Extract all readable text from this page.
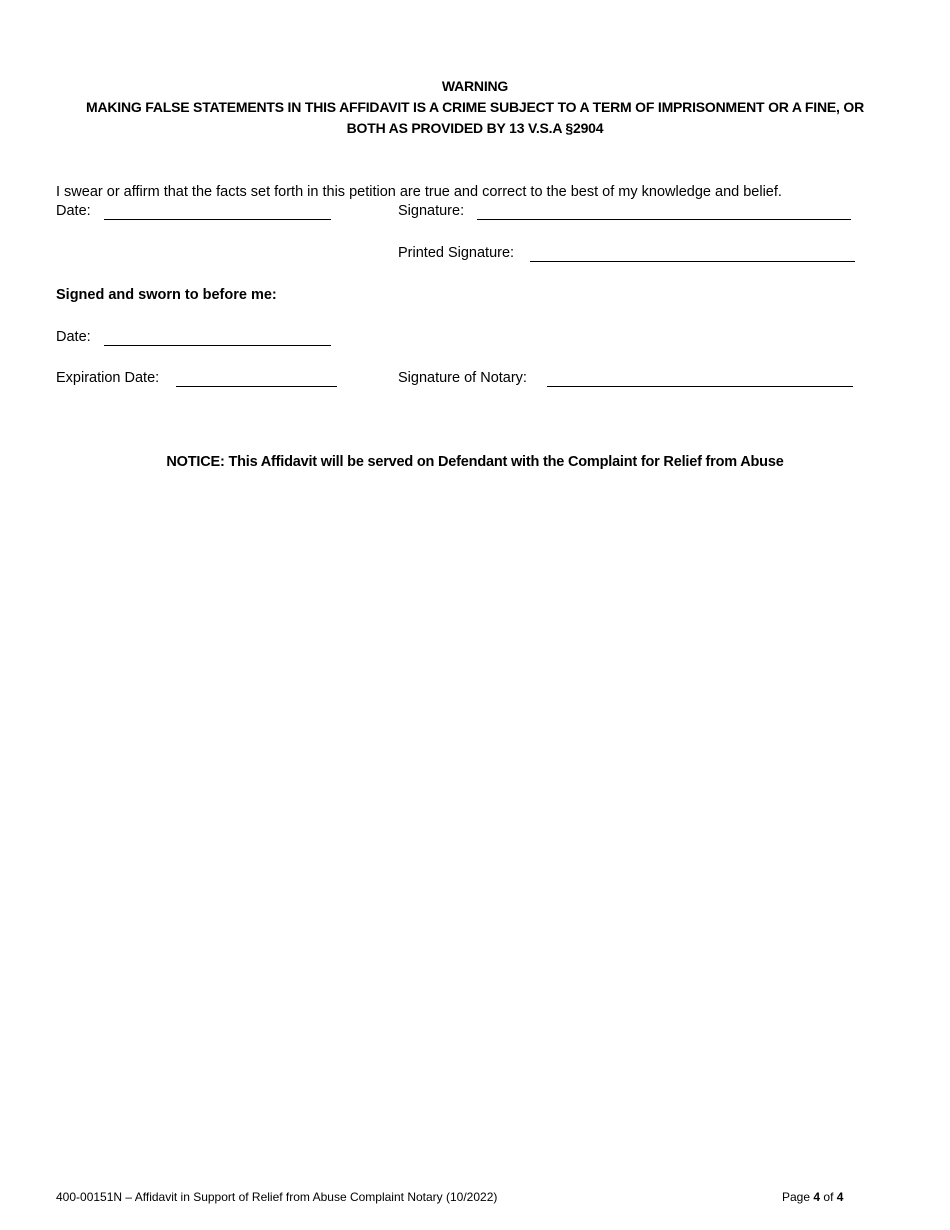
WARNING
MAKING FALSE STATEMENTS IN THIS AFFIDAVIT IS A CRIME SUBJECT TO A TERM OF IMPRISONMENT OR A FINE, OR
BOTH AS PROVIDED BY 13 V.S.A §2904
I swear or affirm that the facts set forth in this petition are true and correct to the best of my knowledge and belief.
Date:	Signature:
Printed Signature:
Signed and sworn to before me:
Date:
Expiration Date:	Signature of Notary:
NOTICE: This Affidavit will be served on Defendant with the Complaint for Relief from Abuse
400-00151N – Affidavit in Support of Relief from Abuse Complaint Notary (10/2022)	Page 4 of 4
